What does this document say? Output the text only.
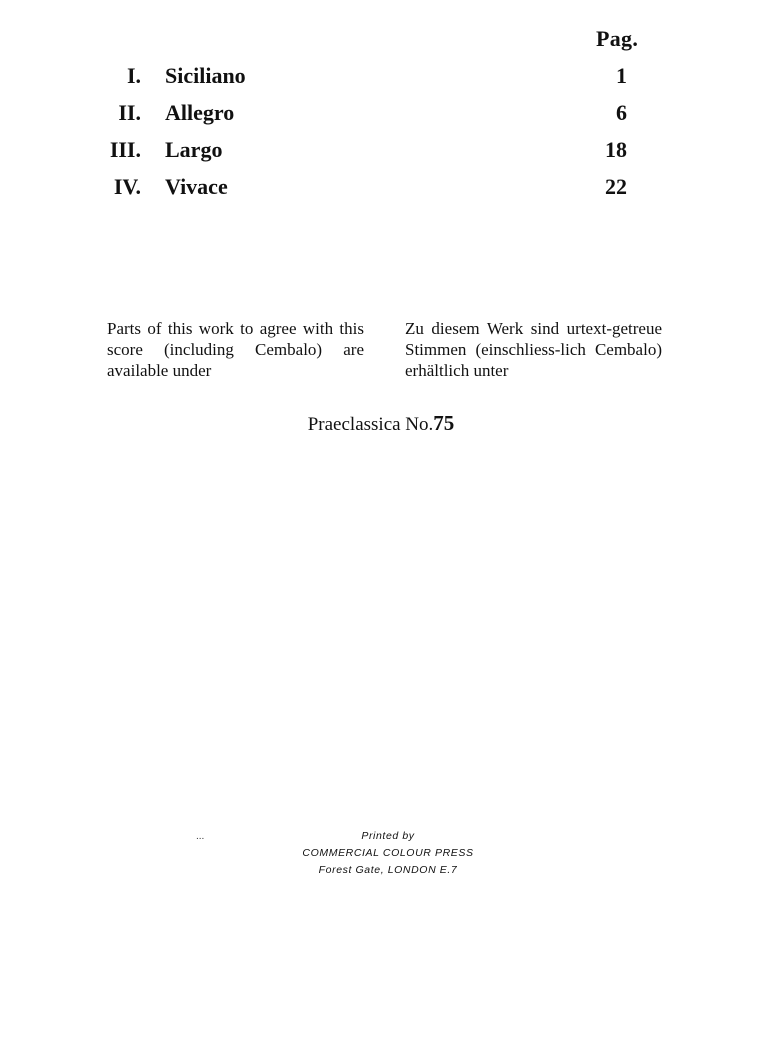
Pag.
I. Siciliano	1
II. Allegro	6
III. Largo	18
IV. Vivace	22
Parts of this work to agree with this score (including Cembalo) are available under
Zu diesem Werk sind urtext-getreue Stimmen (einschliess-lich Cembalo) erhältlich unter
Praeclassica No.75
...	Printed by
COMMERCIAL COLOUR PRESS
Forest Gate, LONDON E.7
